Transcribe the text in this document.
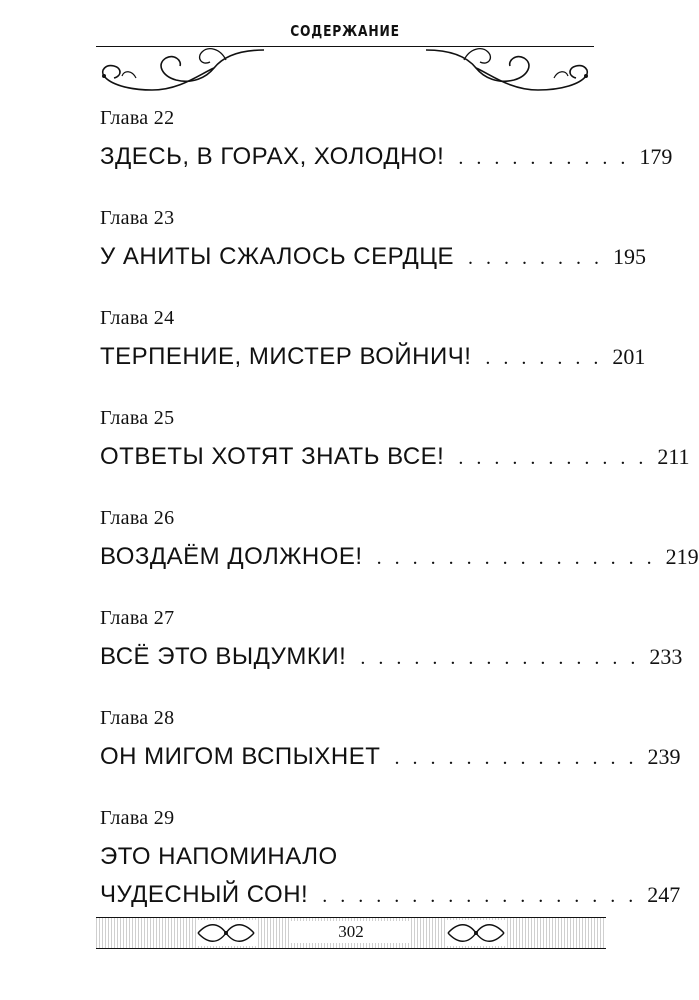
СОДЕРЖАНИЕ
Глава 22
ЗДЕСЬ, В ГОРАХ, ХОЛОДНО! . . . . . . . . . . 179
Глава 23
У АНИТЫ СЖАЛОСЬ СЕРДЦЕ . . . . . . . . 195
Глава 24
ТЕРПЕНИЕ, МИСТЕР ВОЙНИЧ! . . . . . . . 201
Глава 25
ОТВЕТЫ ХОТЯТ ЗНАТЬ ВСЕ! . . . . . . . . . . . 211
Глава 26
ВОЗДАЁМ ДОЛЖНОЕ! . . . . . . . . . . . . . . . . 219
Глава 27
ВСЁ ЭТО ВЫДУМКИ! . . . . . . . . . . . . . . . . 233
Глава 28
ОН МИГОМ ВСПЫХНЕТ . . . . . . . . . . . . . . 239
Глава 29
ЭТО НАПОМИНАЛО
ЧУДЕСНЫЙ СОН! . . . . . . . . . . . . . . . . . . 247
302
